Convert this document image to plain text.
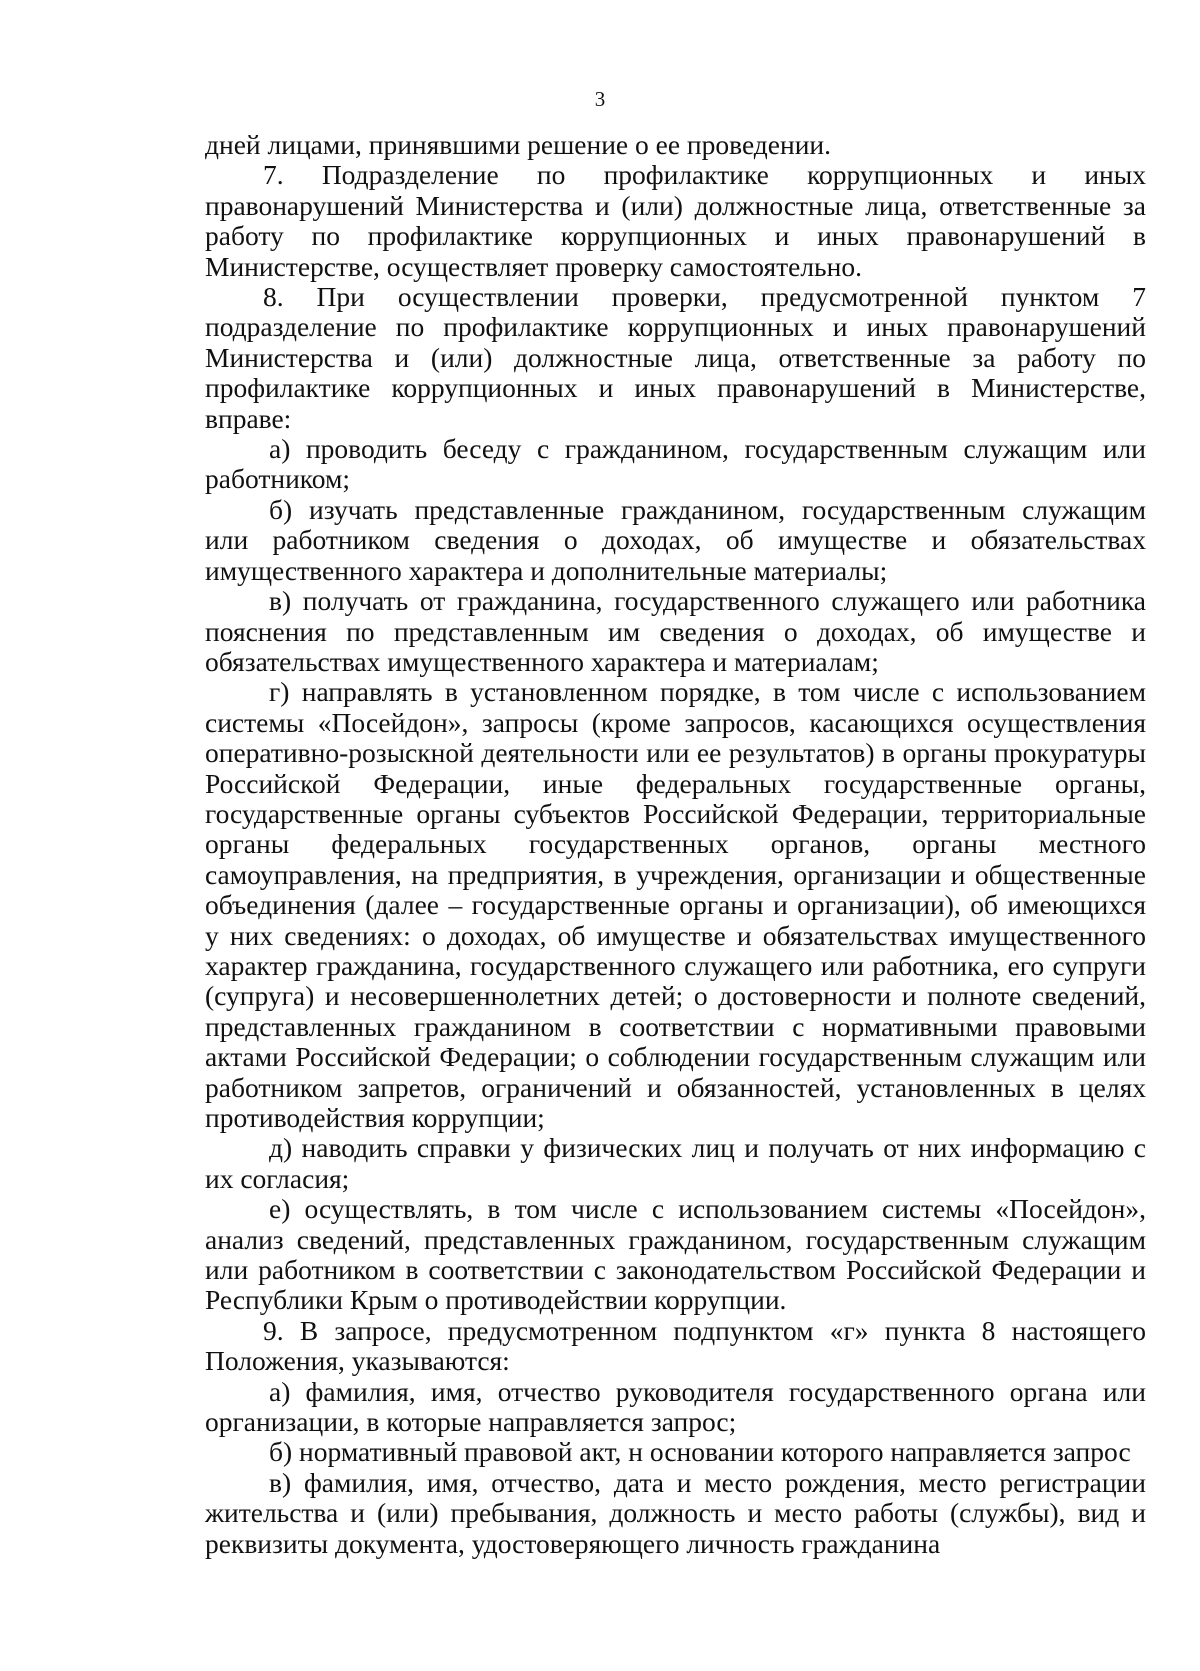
3

дней лицами, принявшими решение о ее проведении.

7. Подразделение по профилактике коррупционных и иных правонарушений Министерства и (или) должностные лица, ответственные за работу по профилактике коррупционных и иных правонарушений в Министерстве, осуществляет проверку самостоятельно.

8. При осуществлении проверки, предусмотренной пунктом 7 подразделение по профилактике коррупционных и иных правонарушений Министерства и (или) должностные лица, ответственные за работу по профилактике коррупционных и иных правонарушений в Министерстве, вправе:

а) проводить беседу с гражданином, государственным служащим или работником;

б) изучать представленные гражданином, государственным служащим или работником сведения о доходах, об имуществе и обязательствах имущественного характера и дополнительные материалы;

в) получать от гражданина, государственного служащего или работника пояснения по представленным им сведения о доходах, об имуществе и обязательствах имущественного характера и материалам;

г) направлять в установленном порядке, в том числе с использованием системы «Посейдон», запросы (кроме запросов, касающихся осуществления оперативно-розыскной деятельности или ее результатов) в органы прокуратуры Российской Федерации, иные федеральных государственные органы, государственные органы субъектов Российской Федерации, территориальные органы федеральных государственных органов, органы местного самоуправления, на предприятия, в учреждения, организации и общественные объединения (далее – государственные органы и организации), об имеющихся у них сведениях: о доходах, об имуществе и обязательствах имущественного характер гражданина, государственного служащего или работника, его супруги (супруга) и несовершеннолетних детей; о достоверности и полноте сведений, представленных гражданином в соответствии с нормативными правовыми актами Российской Федерации; о соблюдении государственным служащим или работником запретов, ограничений и обязанностей, установленных в целях противодействия коррупции;

д) наводить справки у физических лиц и получать от них информацию с их согласия;

е) осуществлять, в том числе с использованием системы «Посейдон», анализ сведений, представленных гражданином, государственным служащим или работником в соответствии с законодательством Российской Федерации и Республики Крым о противодействии коррупции.

9. В запросе, предусмотренном подпунктом «г» пункта 8 настоящего Положения, указываются:

а) фамилия, имя, отчество руководителя государственного органа или организации, в которые направляется запрос;

б) нормативный правовой акт, н основании которого направляется запрос

в) фамилия, имя, отчество, дата и место рождения, место регистрации жительства и (или) пребывания, должность и место работы (службы), вид и реквизиты документа, удостоверяющего личность гражданина
